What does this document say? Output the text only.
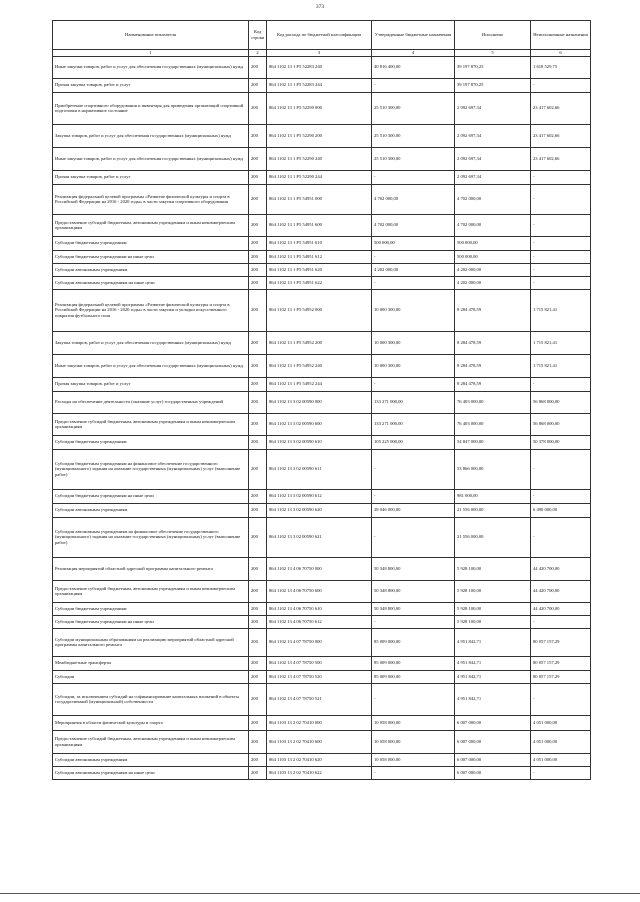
373
Наименование показателя	Код строки	Код расхода по бюджетной классификации	Утвержденные бюджетные назначения	Исполнено	Неисполненные назначения
1	2	3	4	5	6
Иные закупки товаров, работ и услуг для обеспечения государственных (муниципальных) нужд	200	864 1102 13 1 P5 52283 240	40 816 400,00	39 197 870,25	1 618 529,75
Прочая закупка товаров, работ и услуг	200	864 1102 13 1 P5 52283 244	-	39 197 870,25	-
Приобретение спортивного оборудования и инвентаря для приведения организаций спортивной подготовки в нормативное состояние	200	864 1102 13 1 P5 52290 000	25 510 300,00	2 092 697,34	23 417 602,66
Закупка товаров, работ и услуг для обеспечения государственных (муниципальных) нужд	200	864 1102 13 1 P5 52290 200	25 510 300,00	2 092 697,34	23 417 602,66
Иные закупки товаров, работ и услуг для обеспечения государственных (муниципальных) нужд	200	864 1102 13 1 P5 52290 240	25 510 300,00	2 092 697,34	23 417 602,66
Прочая закупка товаров, работ и услуг	200	864 1102 13 1 P5 52290 244	-	2 092 697,34	-
Реализация федеральной целевой программы «Развитие физической культуры и спорта в Российской Федерации на 2016 - 2020 годы» в части закупки спортивного оборудования	200	864 1102 13 1 P5 54951 000	4 702 000,00	4 702 000,00	-
Предоставление субсидий бюджетным, автономным учреждениям и иным некоммерческим организациям	200	864 1102 13 1 P5 54951 600	4 702 000,00	4 702 000,00	-
Субсидии бюджетным учреждениям	200	864 1102 13 1 P5 54951 610	500 000,00	500 000,00	-
Субсидии бюджетным учреждениям на иные цели	200	864 1102 13 1 P5 54951 612	-	500 000,00	-
Субсидии автономным учреждениям	200	864 1102 13 1 P5 54951 620	4 202 000,00	4 202 000,00	-
Субсидии автономным учреждениям на иные цели	200	864 1102 13 1 P5 54951 622	-	4 202 000,00	-
Реализация федеральной целевой программы «Развитие физической культуры и спорта в Российской Федерации на 2016 - 2020 годы» в части закупки и укладки искусственного покрытия футбольного поля	200	864 1102 13 1 P5 54952 000	10 000 300,00	8 284 478,59	1 715 821,41
Закупка товаров, работ и услуг для обеспечения государственных (муниципальных) нужд	200	864 1102 13 1 P5 54952 200	10 000 300,00	8 284 478,59	1 715 821,41
Иные закупки товаров, работ и услуг для обеспечения государственных (муниципальных) нужд	200	864 1102 13 1 P5 54952 240	10 000 300,00	8 284 478,59	1 715 821,41
Прочая закупка товаров, работ и услуг	200	864 1102 13 1 P5 54952 244	-	8 284 478,59	-
Расходы на обеспечение деятельности (оказание услуг) государственных учреждений	200	864 1102 13 3 02 00590 000	133 271 000,00	76 403 000,00	56 868 000,00
Предоставление субсидий бюджетным, автономным учреждениям и иным некоммерческим организациям	200	864 1102 13 3 02 00590 600	133 271 000,00	76 403 000,00	56 868 000,00
Субсидии бюджетным учреждениям	200	864 1102 13 3 02 00590 610	105 225 000,00	54 847 000,00	50 378 000,00
Субсидии бюджетным учреждениям на финансовое обеспечение государственного (муниципального) задания на оказание государственных (муниципальных) услуг (выполнение работ)	200	864 1102 13 3 02 00590 611	-	53 866 000,00	-
Субсидии бюджетным учреждениям на иные цели	200	864 1102 13 3 02 00590 612	-	981 000,00	-
Субсидии автономным учреждениям	200	864 1102 13 3 02 00590 620	28 046 000,00	21 556 000,00	6 490 000,00
Субсидии автономным учреждениям на финансовое обеспечение государственного (муниципального) задания на оказание государственных (муниципальных) услуг (выполнение работ)	200	864 1102 13 3 02 00590 621	-	21 556 000,00	-
Реализация мероприятий областной адресной программы капитального ремонта	200	864 1102 13 4 06 70750 000	50 348 800,00	5 928 100,00	44 420 700,00
Предоставление субсидий бюджетным, автономным учреждениям и иным некоммерческим организациям	200	864 1102 13 4 06 70750 600	50 348 800,00	5 928 100,00	44 420 700,00
Субсидии бюджетным учреждениям	200	864 1102 13 4 06 70750 610	50 348 800,00	5 928 100,00	44 420 700,00
Субсидии бюджетным учреждениям на иные цели	200	864 1102 13 4 06 70750 612	-	5 928 100,00	-
Субсидии муниципальным образованиям на реализацию мероприятий областной адресной программы капитального ремонта	200	864 1102 13 4 07 78750 000	85 009 000,00	4 951 842,71	80 057 157,29
Межбюджетные трансферты	200	864 1102 13 4 07 78750 500	85 009 000,00	4 951 842,71	80 057 157,29
Субсидии	200	864 1102 13 4 07 78750 520	85 009 000,00	4 951 842,71	80 057 157,29
Субсидии, за исключением субсидий на софинансирование капитальных вложений в объекты государственной (муниципальной) собственности	200	864 1102 13 4 07 78750 521	-	4 951 842,71	-
Мероприятия в области физической культуры и спорта	200	864 1103 13 2 02 70410 000	10 058 000,00	6 007 000,00	4 051 000,00
Предоставление субсидий бюджетным, автономным учреждениям и иным некоммерческим организациям	200	864 1103 13 2 02 70410 600	10 058 000,00	6 007 000,00	4 051 000,00
Субсидии автономным учреждениям	200	864 1103 13 2 02 70410 620	10 058 000,00	6 007 000,00	4 051 000,00
Субсидии автономным учреждениям на иные цели	200	864 1103 13 2 02 70410 622	-	6 007 000,00	-
